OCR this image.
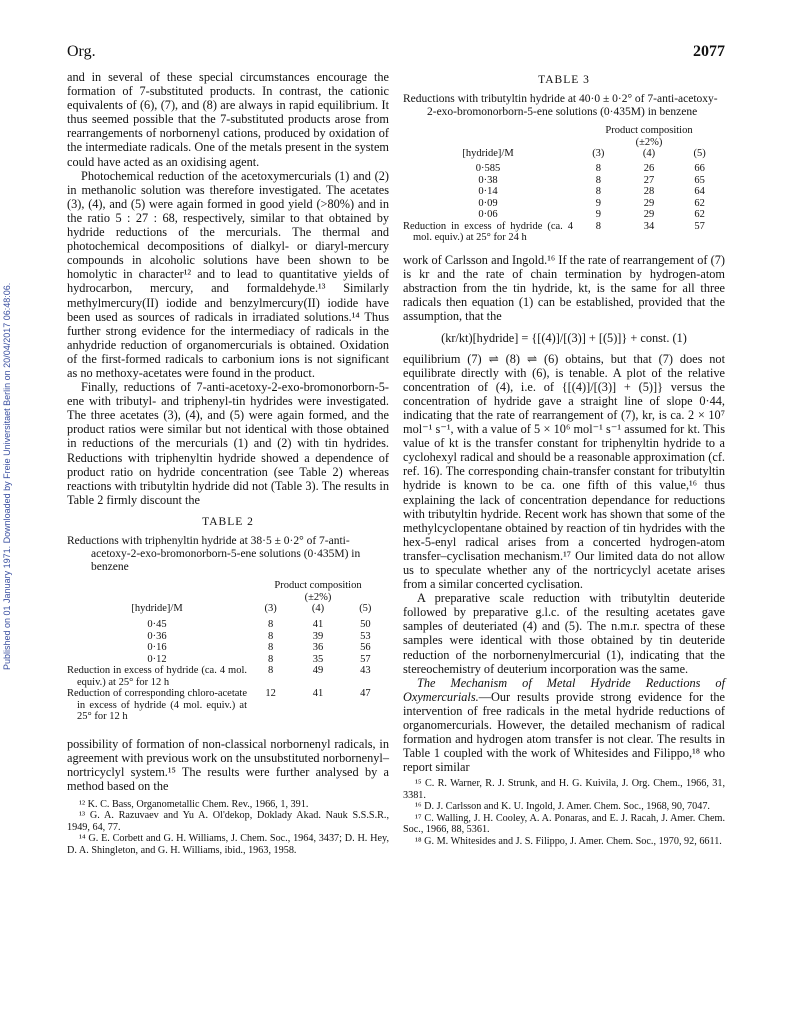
Org.	2077
Published on 01 January 1971. Downloaded by Freie Universitaet Berlin on 20/04/2017 06:48:06.

and in several of these special circumstances encourage the formation of 7-substituted products. In contrast, the cationic equivalents of (6), (7), and (8) are always in rapid equilibrium. It thus seemed possible that the 7-substituted products arose from rearrangements of norbornenyl cations, produced by oxidation of the intermediate radicals. One of the metals present in the system could have acted as an oxidising agent.

Photochemical reduction of the acetoxymercurials (1) and (2) in methanolic solution was therefore investigated. The acetates (3), (4), and (5) were again formed in good yield (>80%) and in the ratio 5 : 27 : 68, respectively, similar to that obtained by hydride reductions of the mercurials. The thermal and photochemical decompositions of dialkyl- or diaryl-mercury compounds in alcoholic solutions have been shown to be homolytic in character¹² and to lead to quantitative yields of hydrocarbon, mercury, and formaldehyde.¹³ Similarly methylmercury(II) iodide and benzylmercury(II) iodide have been used as sources of radicals in irradiated solutions.¹⁴ Thus further strong evidence for the intermediacy of radicals in the anhydride reduction of organomercurials is obtained. Oxidation of the first-formed radicals to carbonium ions is not significant as no methoxy-acetates were found in the product.

Finally, reductions of 7-anti-acetoxy-2-exo-bromonorborn-5-ene with tributyl- and triphenyl-tin hydrides were investigated. The three acetates (3), (4), and (5) were again formed, and the product ratios were similar but not identical with those obtained in reductions of the mercurials (1) and (2) with tin hydrides. Reductions with triphenyltin hydride showed a dependence of product ratio on hydride concentration (see Table 2) whereas reactions with tributyltin hydride did not (Table 3). The results in Table 2 firmly discount the

TABLE 2
Reductions with triphenyltin hydride at 38·5 ± 0·2° of 7-anti-acetoxy-2-exo-bromonorborn-5-ene solutions (0·435M) in benzene
	Product composition		
	(±2%)		
[hydride]/M	(3)	(4)	(5)
0·45	8	41	50
0·36	8	39	53
0·16	8	36	56
0·12	8	35	57
Reduction in excess of hydride (ca. 4 mol. equiv.) at 25° for 12 h	8	49	43
Reduction of corresponding chloro-acetate in excess of hydride (4 mol. equiv.) at 25° for 12 h	12	41	47

possibility of formation of non-classical norbornenyl radicals, in agreement with previous work on the unsubstituted norbornenyl–nortricyclyl system.¹⁵ The results were further analysed by a method based on the

¹² K. C. Bass, Organometallic Chem. Rev., 1966, 1, 391.

¹³ G. A. Razuvaev and Yu A. Ol'dekop, Doklady Akad. Nauk S.S.S.R., 1949, 64, 77.

¹⁴ G. E. Corbett and G. H. Williams, J. Chem. Soc., 1964, 3437; D. H. Hey, D. A. Shingleton, and G. H. Williams, ibid., 1963, 1958.

TABLE 3
Reductions with tributyltin hydride at 40·0 ± 0·2° of 7-anti-acetoxy-2-exo-bromonorborn-5-ene solutions (0·435M) in benzene
	Product composition		
	(±2%)		
[hydride]/M	(3)	(4)	(5)
0·585	8	26	66
0·38	8	27	65
0·14	8	28	64
0·09	9	29	62
0·06	9	29	62
Reduction in excess of hydride (ca. 4 mol. equiv.) at 25° for 24 h	8	34	57

work of Carlsson and Ingold.¹⁶ If the rate of rearrangement of (7) is kr and the rate of chain termination by hydrogen-atom abstraction from the tin hydride, kt, is the same for all three radicals then equation (1) can be established, provided that the assumption, that the

(kr/kt)[hydride] = {[(4)]/[(3)] + [(5)]} + const. (1)

equilibrium (7) ⇌ (8) ⇌ (6) obtains, but that (7) does not equilibrate directly with (6), is tenable. A plot of the relative concentration of (4), i.e. of {[(4)]/[(3)] + (5)]} versus the concentration of hydride gave a straight line of slope 0·44, indicating that the rate of rearrangement of (7), kr, is ca. 2 × 10⁷ mol⁻¹ s⁻¹, with a value of 5 × 10⁶ mol⁻¹ s⁻¹ assumed for kt. This value of kt is the transfer constant for triphenyltin hydride to a cyclohexyl radical and should be a reasonable approximation (cf. ref. 16). The corresponding chain-transfer constant for tributyltin hydride is known to be ca. one fifth of this value,¹⁶ thus explaining the lack of concentration dependance for reductions with tributyltin hydride. Recent work has shown that some of the methylcyclopentane obtained by reaction of tin hydrides with the hex-5-enyl radical arises from a concerted hydrogen-atom transfer–cyclisation mechanism.¹⁷ Our limited data do not allow us to speculate whether any of the nortricyclyl acetate arises from a similar concerted cyclisation.

A preparative scale reduction with tributyltin deuteride followed by preparative g.l.c. of the resulting acetates gave samples of deuteriated (4) and (5). The n.m.r. spectra of these samples were identical with those obtained by tin deuteride reduction of the norbornenylmercurial (1), indicating that the stereochemistry of deuterium incorporation was the same.

The Mechanism of Metal Hydride Reductions of Oxymercurials.—Our results provide strong evidence for the intervention of free radicals in the metal hydride reductions of organomercurials. However, the detailed mechanism of radical formation and hydrogen atom transfer is not clear. The results in Table 1 coupled with the work of Whitesides and Filippo,¹⁸ who report similar

¹⁵ C. R. Warner, R. J. Strunk, and H. G. Kuivila, J. Org. Chem., 1966, 31, 3381.

¹⁶ D. J. Carlsson and K. U. Ingold, J. Amer. Chem. Soc., 1968, 90, 7047.

¹⁷ C. Walling, J. H. Cooley, A. A. Ponaras, and E. J. Racah, J. Amer. Chem. Soc., 1966, 88, 5361.

¹⁸ G. M. Whitesides and J. S. Filippo, J. Amer. Chem. Soc., 1970, 92, 6611.
